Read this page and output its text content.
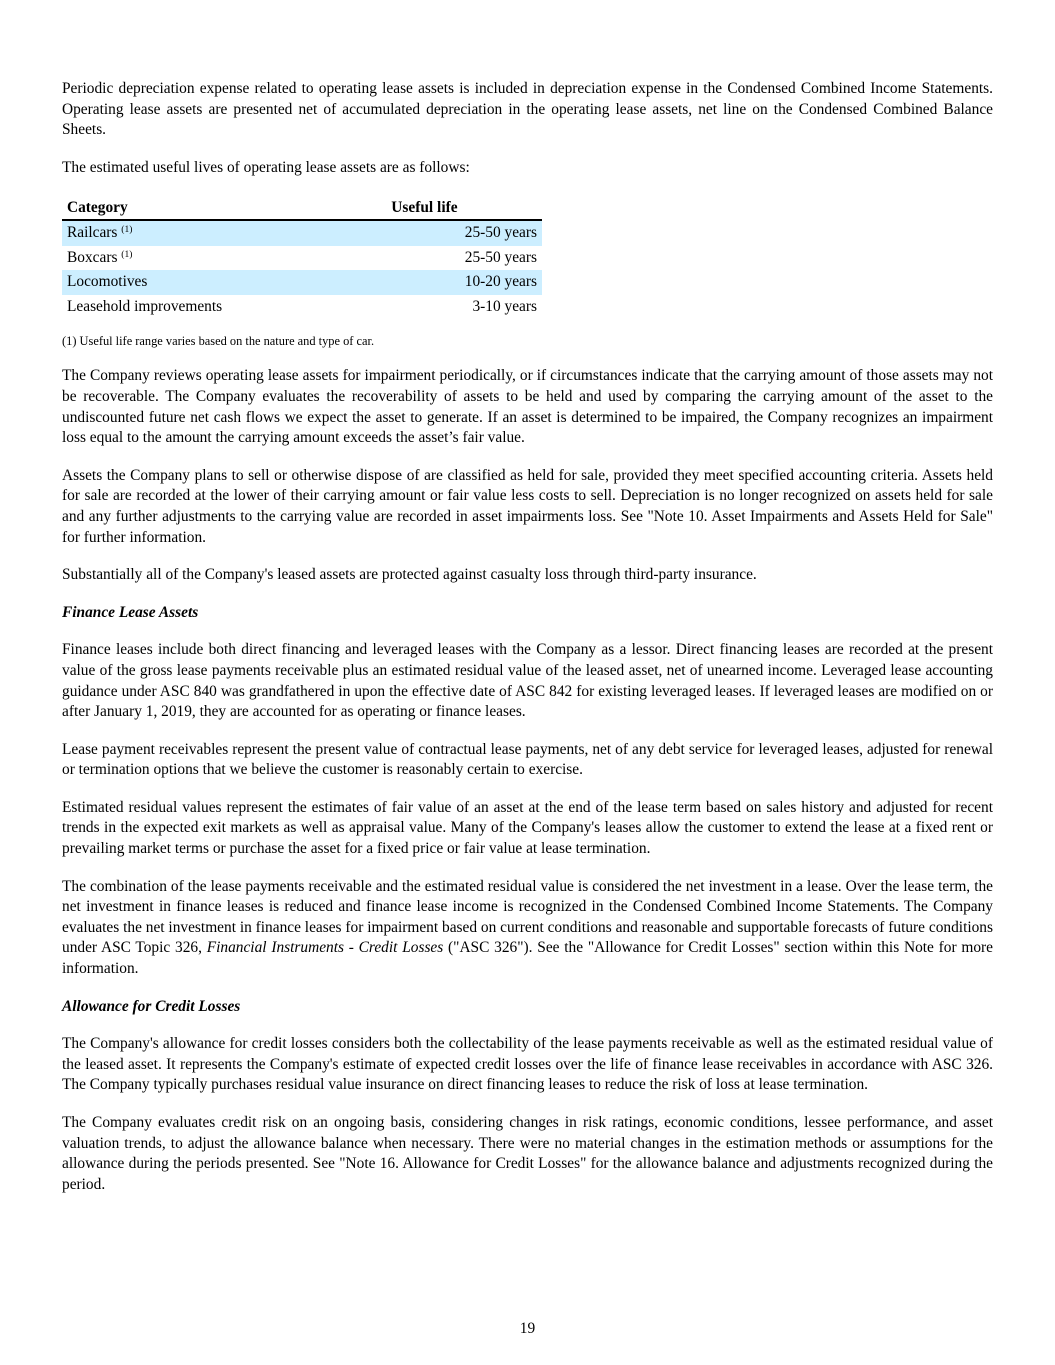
Periodic depreciation expense related to operating lease assets is included in depreciation expense in the Condensed Combined Income Statements. Operating lease assets are presented net of accumulated depreciation in the operating lease assets, net line on the Condensed Combined Balance Sheets.

The estimated useful lives of operating lease assets are as follows:

Category	Useful life
Railcars $^{(1)}$	25-50 years
Boxcars $^{(1)}$	25-50 years
Locomotives	10-20 years
Leasehold improvements	3-10 years

(1) Useful life range varies based on the nature and type of car.

The Company reviews operating lease assets for impairment periodically, or if circumstances indicate that the carrying amount of those assets may not be recoverable. The Company evaluates the recoverability of assets to be held and used by comparing the carrying amount of the asset to the undiscounted future net cash flows we expect the asset to generate. If an asset is determined to be impaired, the Company recognizes an impairment loss equal to the amount the carrying amount exceeds the asset’s fair value.

Assets the Company plans to sell or otherwise dispose of are classified as held for sale, provided they meet specified accounting criteria. Assets held for sale are recorded at the lower of their carrying amount or fair value less costs to sell. Depreciation is no longer recognized on assets held for sale and any further adjustments to the carrying value are recorded in asset impairments loss. See "Note 10. Asset Impairments and Assets Held for Sale" for further information.

Substantially all of the Company's leased assets are protected against casualty loss through third-party insurance.

Finance Lease Assets

Finance leases include both direct financing and leveraged leases with the Company as a lessor. Direct financing leases are recorded at the present value of the gross lease payments receivable plus an estimated residual value of the leased asset, net of unearned income. Leveraged lease accounting guidance under ASC 840 was grandfathered in upon the effective date of ASC 842 for existing leveraged leases. If leveraged leases are modified on or after January 1, 2019, they are accounted for as operating or finance leases.

Lease payment receivables represent the present value of contractual lease payments, net of any debt service for leveraged leases, adjusted for renewal or termination options that we believe the customer is reasonably certain to exercise.

Estimated residual values represent the estimates of fair value of an asset at the end of the lease term based on sales history and adjusted for recent trends in the expected exit markets as well as appraisal value. Many of the Company's leases allow the customer to extend the lease at a fixed rent or prevailing market terms or purchase the asset for a fixed price or fair value at lease termination.

The combination of the lease payments receivable and the estimated residual value is considered the net investment in a lease. Over the lease term, the net investment in finance leases is reduced and finance lease income is recognized in the Condensed Combined Income Statements. The Company evaluates the net investment in finance leases for impairment based on current conditions and reasonable and supportable forecasts of future conditions under ASC Topic 326, Financial Instruments - Credit Losses ("ASC 326"). See the "Allowance for Credit Losses" section within this Note for more information.

Allowance for Credit Losses

The Company's allowance for credit losses considers both the collectability of the lease payments receivable as well as the estimated residual value of the leased asset. It represents the Company's estimate of expected credit losses over the life of finance lease receivables in accordance with ASC 326. The Company typically purchases residual value insurance on direct financing leases to reduce the risk of loss at lease termination.

The Company evaluates credit risk on an ongoing basis, considering changes in risk ratings, economic conditions, lessee performance, and asset valuation trends, to adjust the allowance balance when necessary. There were no material changes in the estimation methods or assumptions for the allowance during the periods presented. See "Note 16. Allowance for Credit Losses" for the allowance balance and adjustments recognized during the period.

19
